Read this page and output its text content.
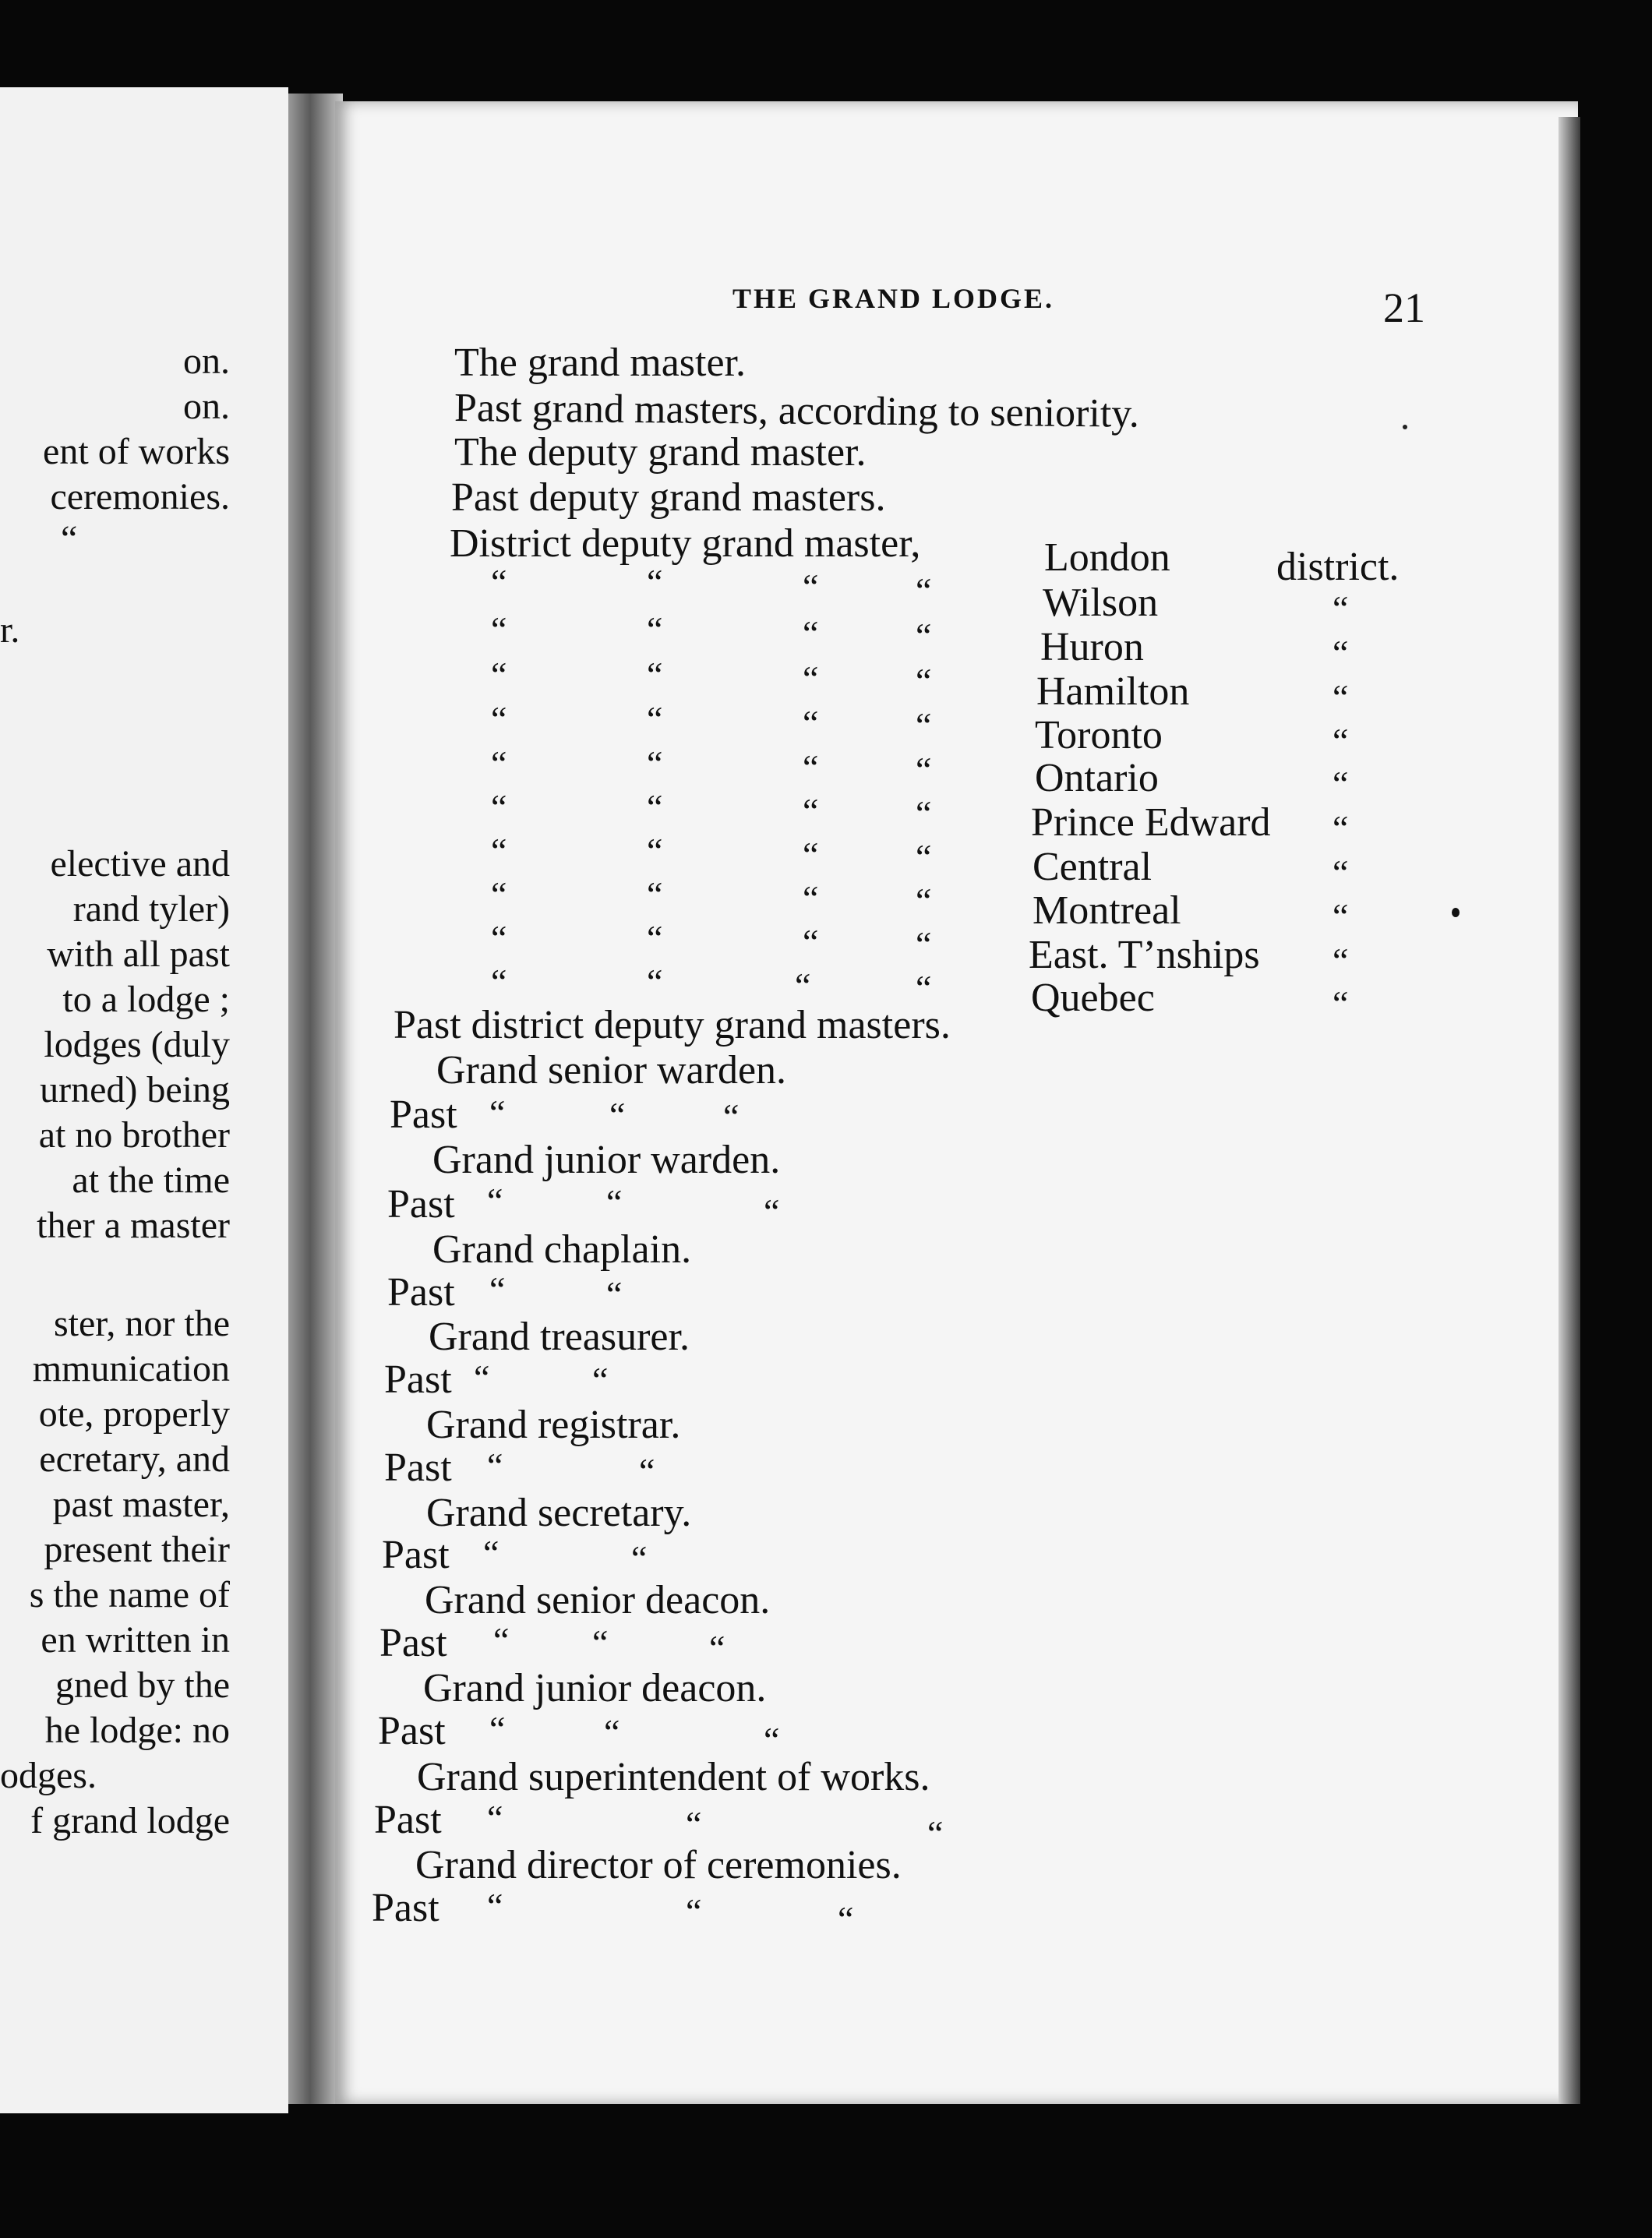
on.
on.
ent of works
ceremonies.
“
r.
elective and
rand tyler)
with all past
to a lodge ;
lodges (duly
urned) being
at no brother
at the time
ther a master
ster, nor the
mmunication
ote, properly
ecretary, and
past master,
present their
s the name of
en written in
gned by the
he lodge: no
odges.
f grand lodge
THE GRAND LODGE.	21
The grand master.
Past grand masters, according to seniority.
The deputy grand master.
Past deputy grand masters.
District deputy grand master,	London	district.
“	“	“	“	Wilson	“
“	“	“	“	Huron	“
“	“	“	“	Hamilton	“
“	“	“	“	Toronto	“
“	“	“	“	Ontario	“
“	“	“	“ Prince Edward “
“	“	“	“ Central	“
“	“	“	“ Montreal	“
“	“	“	“ East. T’nships “
“	“	“	“ Quebec	“
Past district deputy grand masters.
Grand senior warden.
Past “	“	“
Grand junior warden.
Past “	“	“
Grand chaplain.
Past “	“
Grand treasurer.
Past “	“
Grand registrar.
Past “	“
Grand secretary.
Past “	“
Grand senior deacon.
Past “ “	“
Grand junior deacon.
Past “	“	“
Grand superintendent of works.
Past “	“	“
Grand director of ceremonies.
Past “	“	“
